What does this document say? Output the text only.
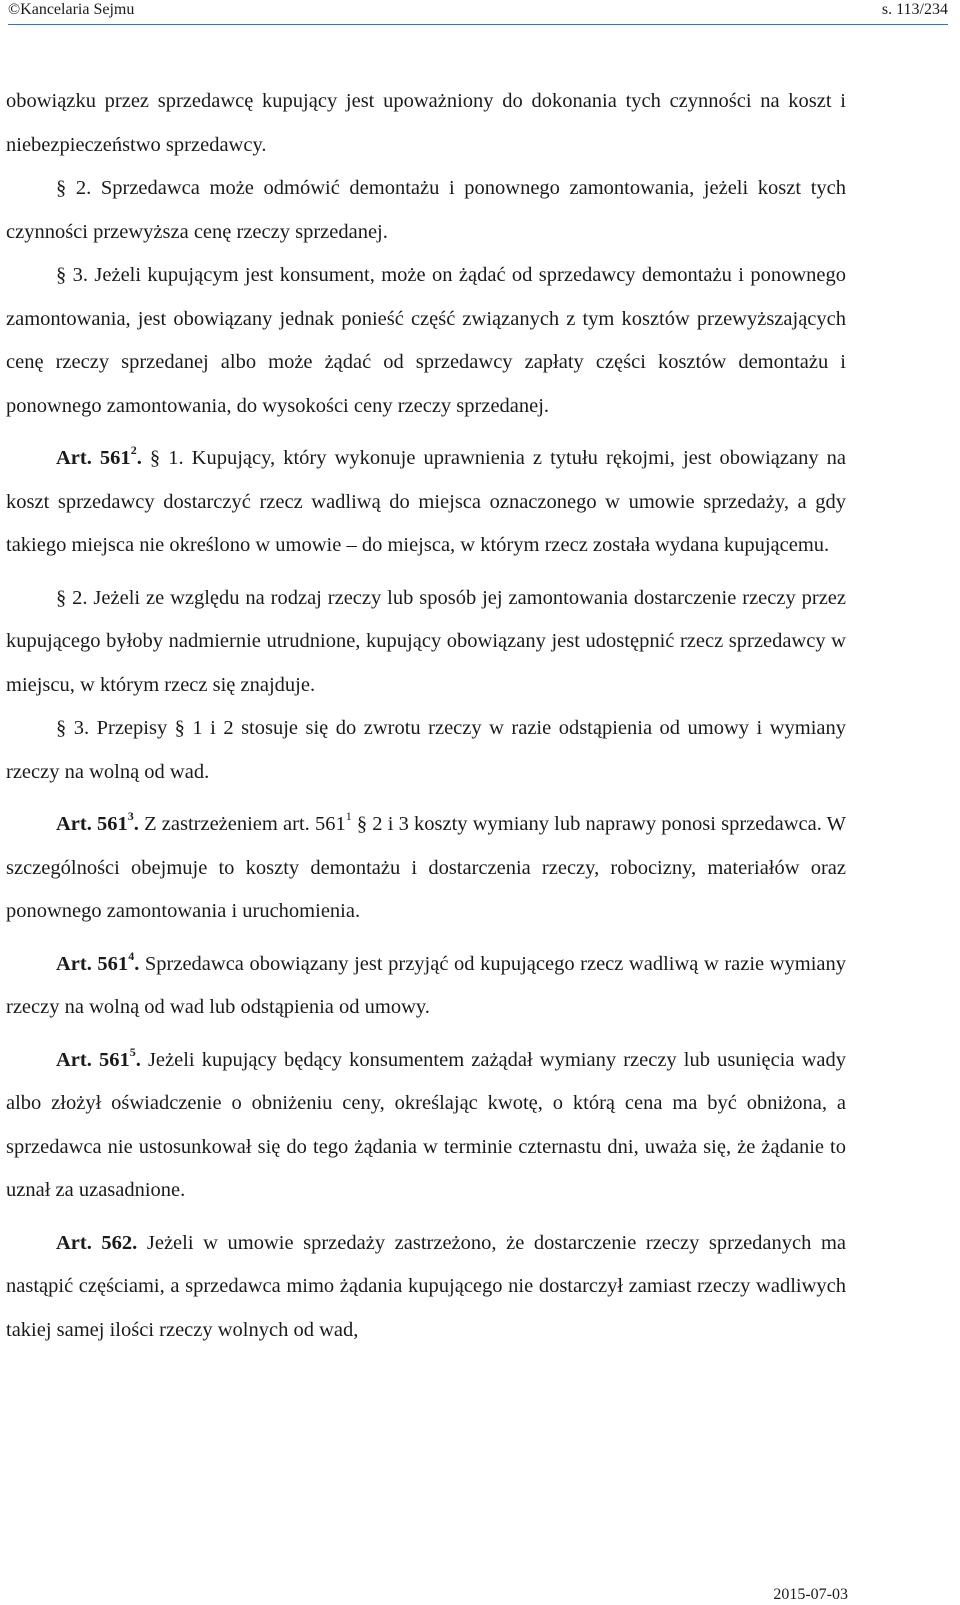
©Kancelaria Sejmu	s. 113/234

obowiązku przez sprzedawcę kupujący jest upoważniony do dokonania tych czynności na koszt i niebezpieczeństwo sprzedawcy.

§ 2. Sprzedawca może odmówić demontażu i ponownego zamontowania, jeżeli koszt tych czynności przewyższa cenę rzeczy sprzedanej.

§ 3. Jeżeli kupującym jest konsument, może on żądać od sprzedawcy demontażu i ponownego zamontowania, jest obowiązany jednak ponieść część związanych z tym kosztów przewyższających cenę rzeczy sprzedanej albo może żądać od sprzedawcy zapłaty części kosztów demontażu i ponownego zamontowania, do wysokości ceny rzeczy sprzedanej.

Art. $561^2$. § 1. Kupujący, który wykonuje uprawnienia z tytułu rękojmi, jest obowiązany na koszt sprzedawcy dostarczyć rzecz wadliwą do miejsca oznaczonego w umowie sprzedaży, a gdy takiego miejsca nie określono w umowie – do miejsca, w którym rzecz została wydana kupującemu.

§ 2. Jeżeli ze względu na rodzaj rzeczy lub sposób jej zamontowania dostarczenie rzeczy przez kupującego byłoby nadmiernie utrudnione, kupujący obowiązany jest udostępnić rzecz sprzedawcy w miejscu, w którym rzecz się znajduje.

§ 3. Przepisy § 1 i 2 stosuje się do zwrotu rzeczy w razie odstąpienia od umowy i wymiany rzeczy na wolną od wad.

Art. $561^3$. Z zastrzeżeniem art. $561^1$ § 2 i 3 koszty wymiany lub naprawy ponosi sprzedawca. W szczególności obejmuje to koszty demontażu i dostarczenia rzeczy, robocizny, materiałów oraz ponownego zamontowania i uruchomienia.

Art. $561^4$. Sprzedawca obowiązany jest przyjąć od kupującego rzecz wadliwą w razie wymiany rzeczy na wolną od wad lub odstąpienia od umowy.

Art. $561^5$. Jeżeli kupujący będący konsumentem zażądał wymiany rzeczy lub usunięcia wady albo złożył oświadczenie o obniżeniu ceny, określając kwotę, o którą cena ma być obniżona, a sprzedawca nie ustosunkował się do tego żądania w terminie czternastu dni, uważa się, że żądanie to uznał za uzasadnione.

Art. 562. Jeżeli w umowie sprzedaży zastrzeżono, że dostarczenie rzeczy sprzedanych ma nastąpić częściami, a sprzedawca mimo żądania kupującego nie dostarczył zamiast rzeczy wadliwych takiej samej ilości rzeczy wolnych od wad,

2015-07-03
